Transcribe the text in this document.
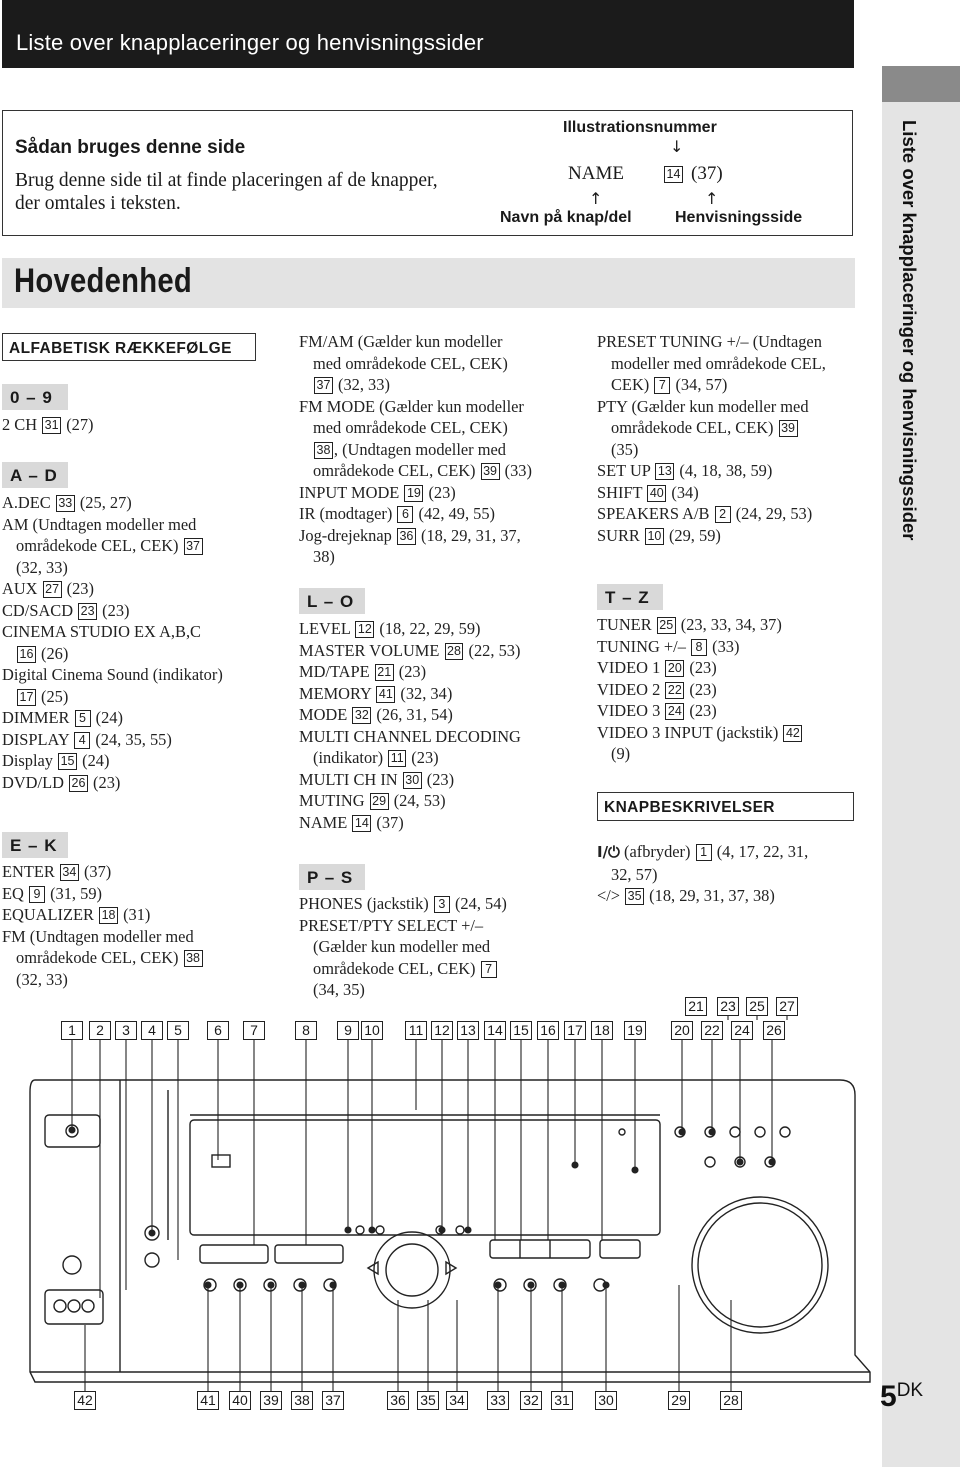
Liste over knapplaceringer og henvisningssider
Liste over knapplaceringer og henvisningssider
$5^{DK}$
Sådan bruges denne side
Brug denne side til at finde placeringen af de knapper,
der omtales i teksten.
Illustrationsnummer
↓
NAME	14 (37)
↑	↑
Navn på knap/del	Henvisningsside
Hovedenhed
ALFABETISK RÆKKEFØLGE
0 – 9
2 CH 31 (27)
A – D
A.DEC 33 (25, 27)
AM (Undtagen modeller med
områdekode CEL, CEK) 37
(32, 33)
AUX 27 (23)
CD/SACD 23 (23)
CINEMA STUDIO EX A,B,C
16 (26)
Digital Cinema Sound (indikator)
17 (25)
DIMMER 5 (24)
DISPLAY 4 (24, 35, 55)
Display 15 (24)
DVD/LD 26 (23)
E – K
ENTER 34 (37)
EQ 9 (31, 59)
EQUALIZER 18 (31)
FM (Undtagen modeller med
områdekode CEL, CEK) 38
(32, 33)
FM/AM (Gælder kun modeller
med områdekode CEL, CEK)
37 (32, 33)
FM MODE (Gælder kun modeller
med områdekode CEL, CEK)
38 , (Undtagen modeller med
områdekode CEL, CEK) 39 (33)
INPUT MODE 19 (23)
IR (modtager) 6 (42, 49, 55)
Jog-drejeknap 36 (18, 29, 31, 37,
38)
L – O
LEVEL 12 (18, 22, 29, 59)
MASTER VOLUME 28 (22, 53)
MD/TAPE 21 (23)
MEMORY 41 (32, 34)
MODE 32 (26, 31, 54)
MULTI CHANNEL DECODING
(indikator) 11 (23)
MULTI CH IN 30 (23)
MUTING 29 (24, 53)
NAME 14 (37)
P – S
PHONES (jackstik) 3 (24, 54)
PRESET/PTY SELECT +/–
(Gælder kun modeller med
områdekode CEL, CEK) 7
(34, 35)
PRESET TUNING +/– (Undtagen
modeller med områdekode CEL,
CEK) 7 (34, 57)
PTY (Gælder kun modeller med
områdekode CEL, CEK) 39
(35)
SET UP 13 (4, 18, 38, 59)
SHIFT 40 (34)
SPEAKERS A/B 2 (24, 29, 53)
SURR 10 (29, 59)
T – Z
TUNER 25 (23, 33, 34, 37)
TUNING +/– 8 (33)
VIDEO 1 20 (23)
VIDEO 2 22 (23)
VIDEO 3 24 (23)
VIDEO 3 INPUT (jackstik) 42
(9)
KNAPBESKRIVELSER
I/⏻ (afbryder) 1 (4, 17, 22, 31,
32, 57)
</> 35 (18, 29, 31, 37, 38)
1	2	3	4	5	6	7	8	9 10 11 12 13 14 15 16 17 18 19 20 22 24 26
21 23 25 27
42	41 40 39 38 37	36 35 34 33 32 31 30	29	28
